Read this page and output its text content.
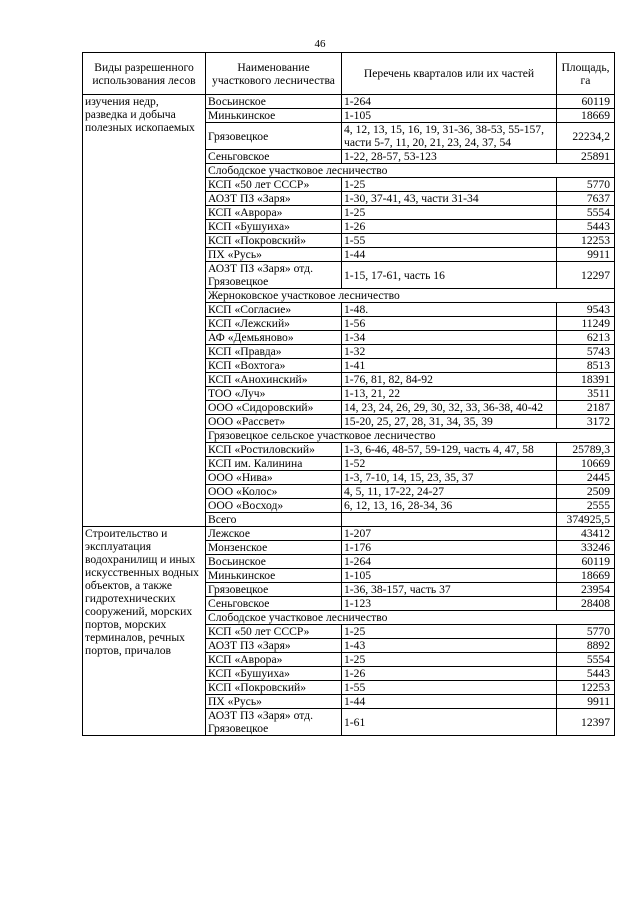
46
Виды разрешенного использования лесов	Наименование участкового лесничества	Перечень кварталов или их частей	Площадь, га
изучения недр, разведка и добыча полезных ископаемых	Восьинское	1-264	60119
	Минькинское	1-105	18669
	Грязовецкое	4, 12, 13, 15, 16, 19, 31-36, 38-53, 55-157, части 5-7, 11, 20, 21, 23, 24, 37, 54	22234,2
	Сеньговское	1-22, 28-57, 53-123	25891
	Слободское участковое лесничество		
	КСП «50 лет СССР»	1-25	5770
	АОЗТ ПЗ «Заря»	1-30, 37-41, 43, части 31-34	7637
	КСП «Аврора»	1-25	5554
	КСП «Бушуиха»	1-26	5443
	КСП «Покровский»	1-55	12253
	ПХ «Русь»	1-44	9911
	АОЗТ ПЗ «Заря» отд. Грязовецкое	1-15, 17-61, часть 16	12297
	Жерноковское участковое лесничество		
	КСП «Согласие»	1-48.	9543
	КСП «Лежский»	1-56	11249
	АФ «Демьяново»	1-34	6213
	КСП «Правда»	1-32	5743
	КСП «Вохтога»	1-41	8513
	КСП «Анохинский»	1-76, 81, 82, 84-92	18391
	ТОО «Луч»	1-13, 21, 22	3511
	ООО «Сидоровский»	14, 23, 24, 26, 29, 30, 32, 33, 36-38, 40-42	2187
	ООО «Рассвет»	15-20, 25, 27, 28, 31, 34, 35, 39	3172
	Грязовецкое сельское участковое лесничество		
	КСП «Ростиловский»	1-3, 6-46, 48-57, 59-129, часть 4, 47, 58	25789,3
	КСП им. Калинина	1-52	10669
	ООО «Нива»	1-3, 7-10, 14, 15, 23, 35, 37	2445
	ООО «Колос»	4, 5, 11, 17-22, 24-27	2509
	ООО «Восход»	6, 12, 13, 16, 28-34, 36	2555
	Всего		374925,5
Строительство и эксплуатация водохранилищ и иных искусственных водных объектов, а также гидротехнических сооружений, морских портов, морских терминалов, речных портов, причалов	Лежское	1-207	43412
	Монзенское	1-176	33246
	Восьинское	1-264	60119
	Минькинское	1-105	18669
	Грязовецкое	1-36, 38-157, часть 37	23954
	Сеньговское	1-123	28408
	Слободское участковое лесничество		
	КСП «50 лет СССР»	1-25	5770
	АОЗТ ПЗ «Заря»	1-43	8892
	КСП «Аврора»	1-25	5554
	КСП «Бушуиха»	1-26	5443
	КСП «Покровский»	1-55	12253
	ПХ «Русь»	1-44	9911
	АОЗТ ПЗ «Заря» отд. Грязовецкое	1-61	12397
